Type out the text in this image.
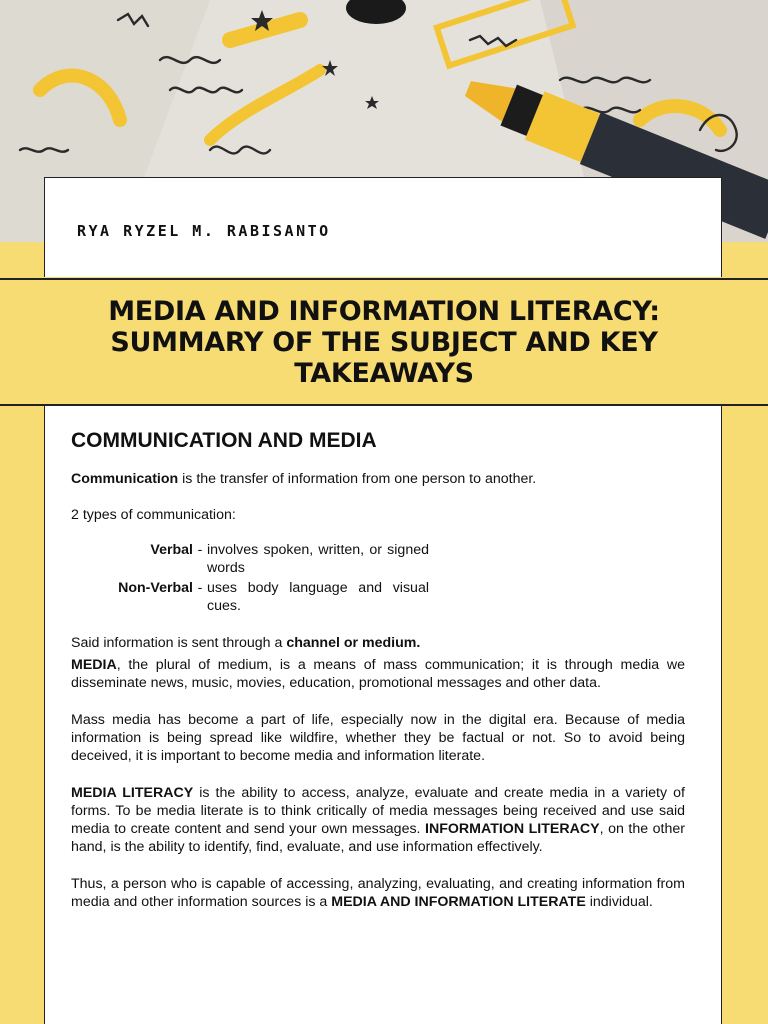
RYA RYZEL M. RABISANTO
MEDIA AND INFORMATION LITERACY: SUMMARY OF THE SUBJECT AND KEY TAKEAWAYS
COMMUNICATION AND MEDIA

Communication is the transfer of information from one person to another.

2 types of communication:

Verbal - involves spoken, written, or signed words
Non-Verbal - uses body language and visual cues.

Said information is sent through a channel or medium.

MEDIA, the plural of medium, is a means of mass communication; it is through media we disseminate news, music, movies, education, promotional messages and other data.

Mass media has become a part of life, especially now in the digital era. Because of media information is being spread like wildfire, whether they be factual or not. So to avoid being deceived, it is important to become media and information literate.

MEDIA LITERACY is the ability to access, analyze, evaluate and create media in a variety of forms. To be media literate is to think critically of media messages being received and use said media to create content and send your own messages. INFORMATION LITERACY, on the other hand, is the ability to identify, find, evaluate, and use information effectively.

Thus, a person who is capable of accessing, analyzing, evaluating, and creating information from media and other information sources is a MEDIA AND INFORMATION LITERATE individual.
